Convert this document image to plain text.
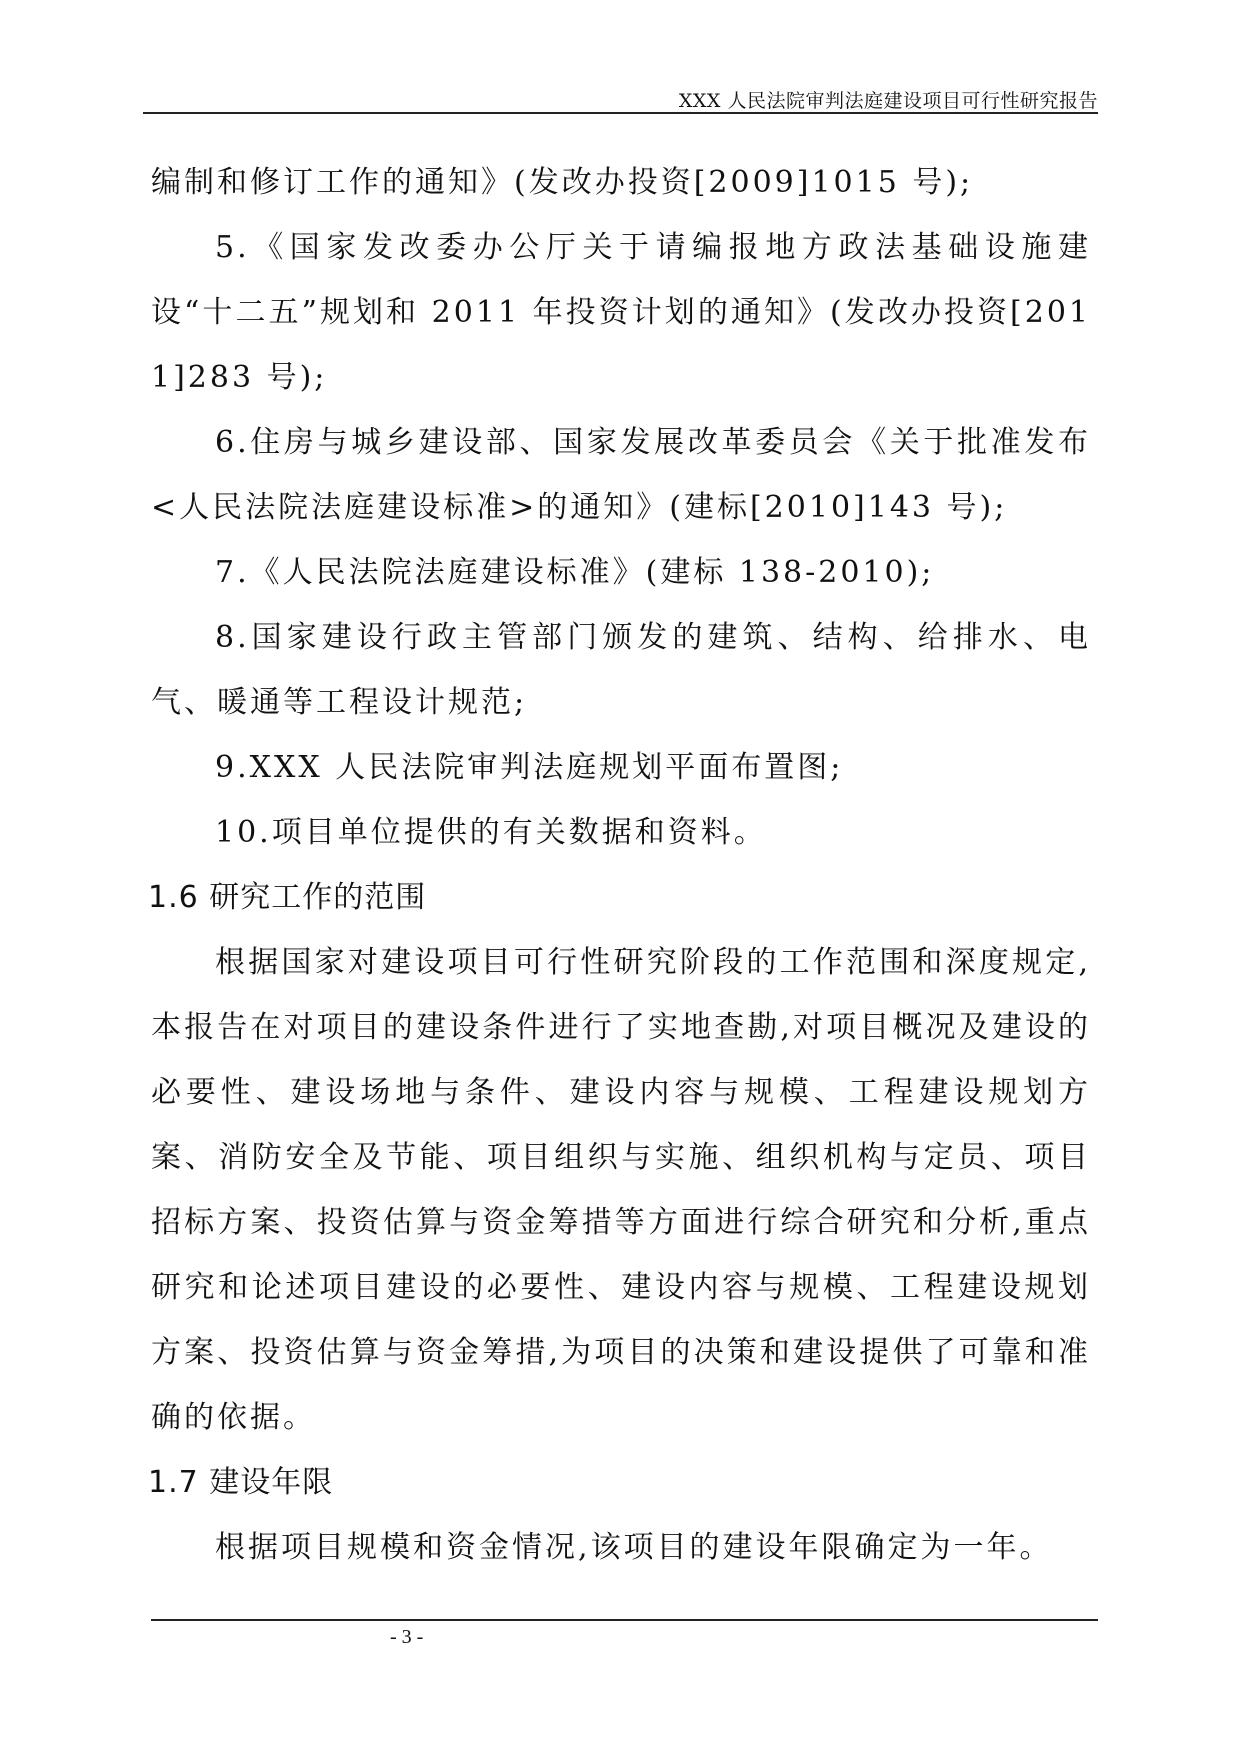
XXX 人民法院审判法庭建设项目可行性研究报告

编制和修订工作的通知》(发改办投资[2009]1015 号);

5.《国家发改委办公厅关于请编报地方政法基础设施建设“十二五”规划和 2011 年投资计划的通知》(发改办投资[2011]283 号);

6.住房与城乡建设部、国家发展改革委员会《关于批准发布<人民法院法庭建设标准>的通知》(建标[2010]143 号);

7.《人民法院法庭建设标准》(建标 138-2010);

8.国家建设行政主管部门颁发的建筑、结构、给排水、电气、暖通等工程设计规范;

9.XXX 人民法院审判法庭规划平面布置图;

10.项目单位提供的有关数据和资料。

1.6 研究工作的范围

根据国家对建设项目可行性研究阶段的工作范围和深度规定,本报告在对项目的建设条件进行了实地查勘,对项目概况及建设的必要性、建设场地与条件、建设内容与规模、工程建设规划方案、消防安全及节能、项目组织与实施、组织机构与定员、项目招标方案、投资估算与资金筹措等方面进行综合研究和分析,重点研究和论述项目建设的必要性、建设内容与规模、工程建设规划方案、投资估算与资金筹措,为项目的决策和建设提供了可靠和准确的依据。

1.7 建设年限

根据项目规模和资金情况,该项目的建设年限确定为一年。

- 3 -
